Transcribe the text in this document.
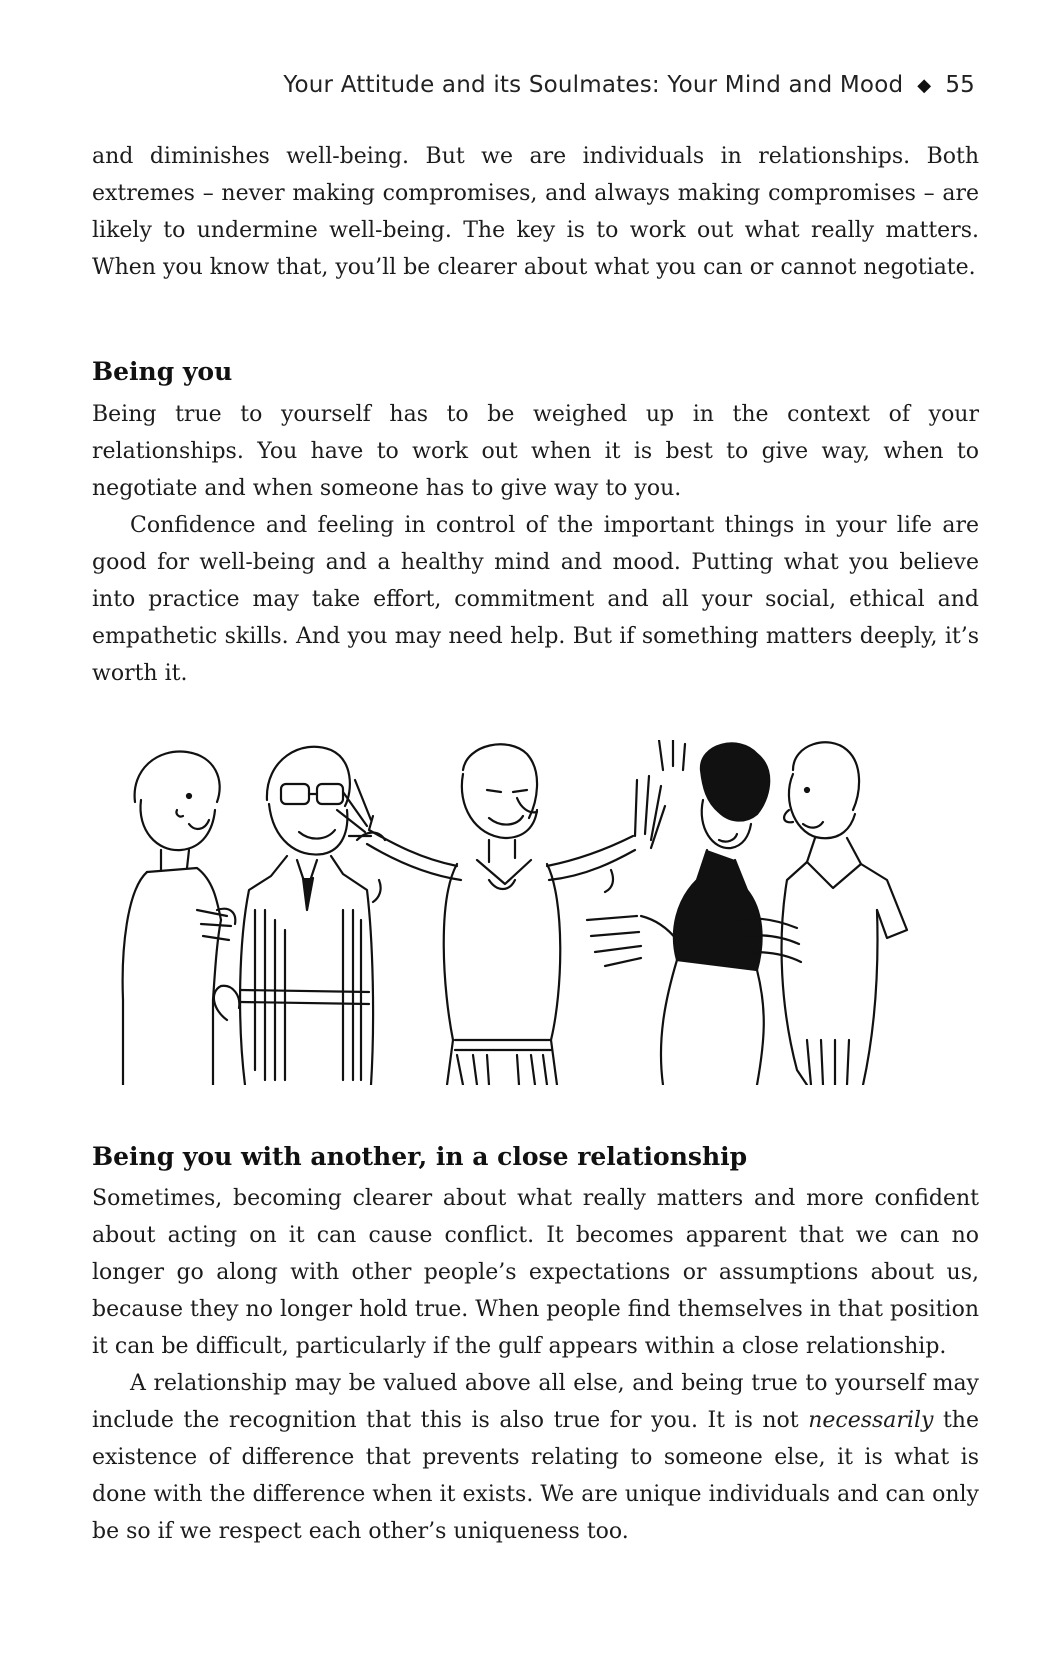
Your Attitude and its Soulmates: Your Mind and Mood ◆ 55

and diminishes well-being. But we are individuals in relationships. Both extremes – never making compromises, and always making compromises – are likely to undermine well-being. The key is to work out what really matters. When you know that, you’ll be clearer about what you can or cannot negotiate.

Being you

Being true to yourself has to be weighed up in the context of your relationships. You have to work out when it is best to give way, when to negotiate and when someone has to give way to you.

Confidence and feeling in control of the important things in your life are good for well-being and a healthy mind and mood. Putting what you believe into practice may take effort, commitment and all your social, ethical and empathetic skills. And you may need help. But if something matters deeply, it’s worth it.

Being you with another, in a close relationship

Sometimes, becoming clearer about what really matters and more confident about acting on it can cause conflict. It becomes apparent that we can no longer go along with other people’s expectations or assumptions about us, because they no longer hold true. When people find themselves in that position it can be difficult, particularly if the gulf appears within a close relationship.

A relationship may be valued above all else, and being true to yourself may include the recognition that this is also true for you. It is not necessarily the existence of difference that prevents relating to someone else, it is what is done with the difference when it exists. We are unique individuals and can only be so if we respect each other’s uniqueness too.
